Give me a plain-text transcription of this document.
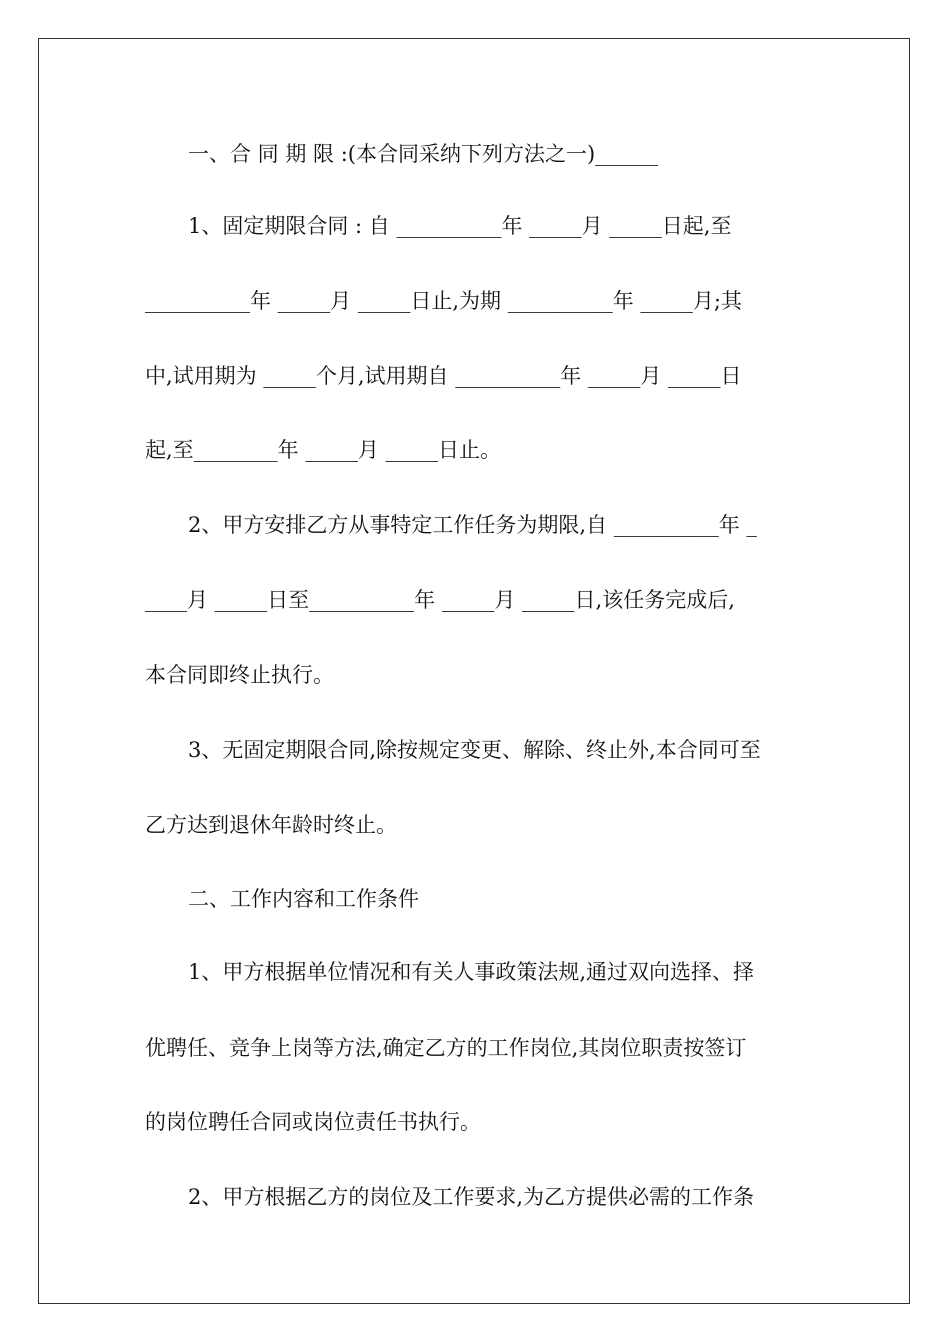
一、合 同 期 限 :(本合同采纳下列方法之一)______
1、固定期限合同 : 自 __________年 _____月 _____日起,至
__________年 _____月 _____日止,为期 __________年 _____月;其
中,试用期为 _____个月,试用期自 __________年 _____月 _____日
起,至________年 _____月 _____日止。
2、甲方安排乙方从事特定工作任务为期限,自 __________年 _
____月 _____日至__________年 _____月 _____日,该任务完成后,
本合同即终止执行。
3、无固定期限合同,除按规定变更、解除、终止外,本合同可至
乙方达到退休年龄时终止。
二、工作内容和工作条件
1、甲方根据单位情况和有关人事政策法规,通过双向选择、择
优聘任、竞争上岗等方法,确定乙方的工作岗位,其岗位职责按签订
的岗位聘任合同或岗位责任书执行。
2、甲方根据乙方的岗位及工作要求,为乙方提供必需的工作条
